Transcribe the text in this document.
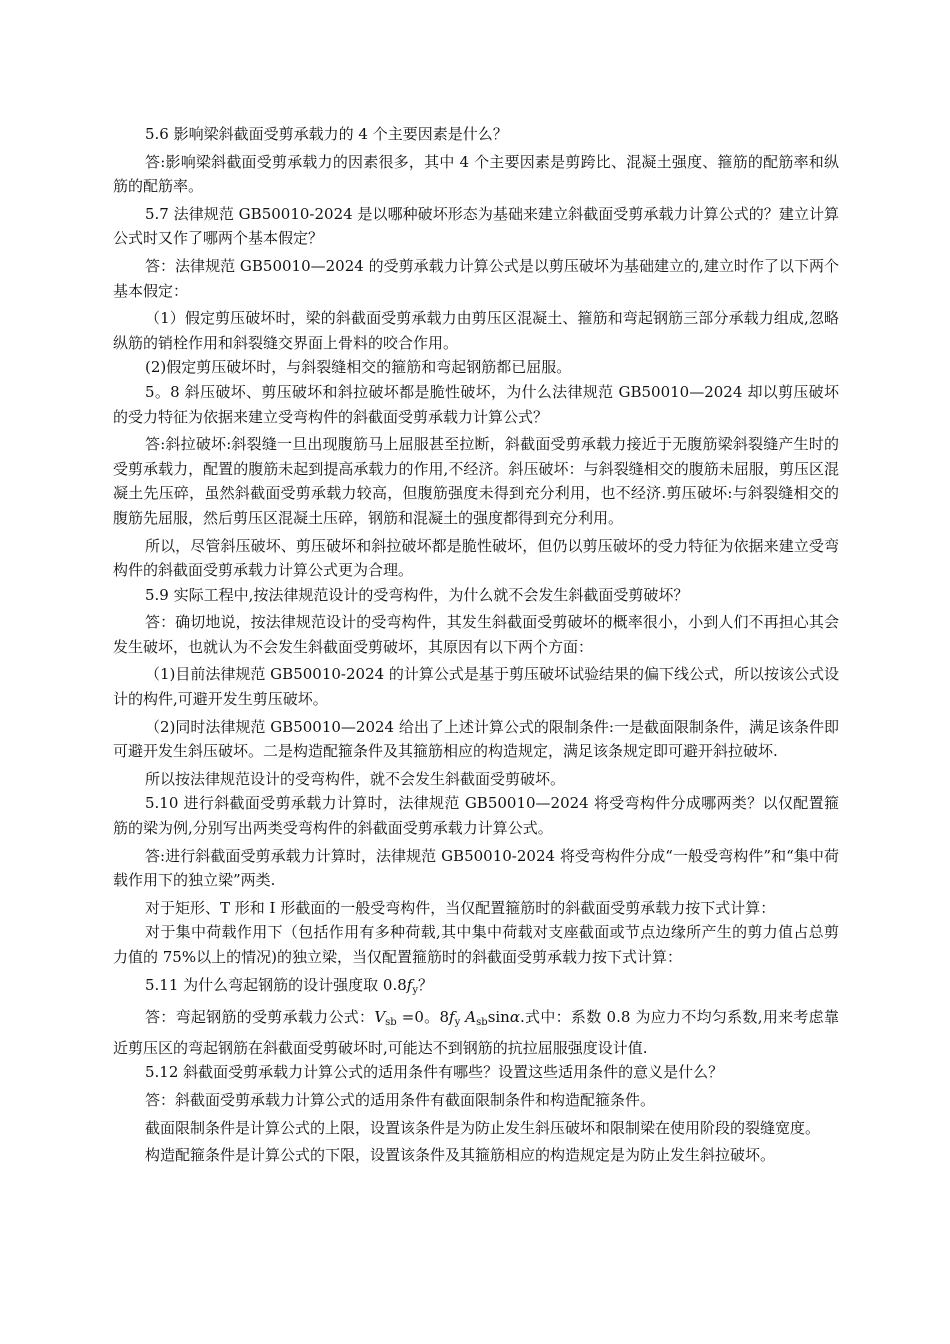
5.6 影响梁斜截面受剪承载力的 4 个主要因素是什么？

答:影响梁斜截面受剪承载力的因素很多，其中 4 个主要因素是剪跨比、混凝土强度、箍筋的配筋率和纵筋的配筋率。

5.7 法律规范 GB50010-2024 是以哪种破坏形态为基础来建立斜截面受剪承载力计算公式的？建立计算公式时又作了哪两个基本假定？

答：法律规范 GB50010—2024 的受剪承载力计算公式是以剪压破坏为基础建立的,建立时作了以下两个基本假定：

（1）假定剪压破坏时，梁的斜截面受剪承载力由剪压区混凝土、箍筋和弯起钢筋三部分承载力组成,忽略纵筋的销栓作用和斜裂缝交界面上骨料的咬合作用。

(2)假定剪压破坏时，与斜裂缝相交的箍筋和弯起钢筋都已屈服。

5。8 斜压破坏、剪压破坏和斜拉破坏都是脆性破坏，为什么法律规范 GB50010—2024 却以剪压破坏的受力特征为依据来建立受弯构件的斜截面受剪承载力计算公式？

答:斜拉破坏:斜裂缝一旦出现腹筋马上屈服甚至拉断，斜截面受剪承载力接近于无腹筋梁斜裂缝产生时的受剪承载力，配置的腹筋未起到提高承载力的作用,不经济。斜压破坏：与斜裂缝相交的腹筋未屈服，剪压区混凝土先压碎，虽然斜截面受剪承载力较高，但腹筋强度未得到充分利用，也不经济.剪压破坏:与斜裂缝相交的腹筋先屈服，然后剪压区混凝土压碎，钢筋和混凝土的强度都得到充分利用。

所以，尽管斜压破坏、剪压破坏和斜拉破坏都是脆性破坏，但仍以剪压破坏的受力特征为依据来建立受弯构件的斜截面受剪承载力计算公式更为合理。

5.9 实际工程中,按法律规范设计的受弯构件，为什么就不会发生斜截面受剪破坏？

答：确切地说，按法律规范设计的受弯构件，其发生斜截面受剪破坏的概率很小，小到人们不再担心其会发生破坏，也就认为不会发生斜截面受剪破坏，其原因有以下两个方面：

（1)目前法律规范 GB50010-2024 的计算公式是基于剪压破坏试验结果的偏下线公式，所以按该公式设计的构件,可避开发生剪压破坏。

（2)同时法律规范 GB50010—2024 给出了上述计算公式的限制条件:一是截面限制条件，满足该条件即可避开发生斜压破坏。二是构造配箍条件及其箍筋相应的构造规定，满足该条规定即可避开斜拉破坏.

所以按法律规范设计的受弯构件，就不会发生斜截面受剪破坏。

5.10 进行斜截面受剪承载力计算时，法律规范 GB50010—2024 将受弯构件分成哪两类？以仅配置箍筋的梁为例,分别写出两类受弯构件的斜截面受剪承载力计算公式。

答:进行斜截面受剪承载力计算时，法律规范 GB50010-2024 将受弯构件分成“一般受弯构件”和“集中荷载作用下的独立梁”两类.

对于矩形、T 形和 I 形截面的一般受弯构件，当仅配置箍筋时的斜截面受剪承载力按下式计算：

对于集中荷载作用下（包括作用有多种荷载,其中集中荷载对支座截面或节点边缘所产生的剪力值占总剪力值的 75%以上的情况)的独立梁，当仅配置箍筋时的斜截面受剪承载力按下式计算：

5.11 为什么弯起钢筋的设计强度取 $0.8f_y$？

答：弯起钢筋的受剪承载力公式：$V_{sb} =0$。$8f_y$ $A_{sb}\sin\alpha$.式中：系数 0.8 为应力不均匀系数,用来考虑靠近剪压区的弯起钢筋在斜截面受剪破坏时,可能达不到钢筋的抗拉屈服强度设计值.

5.12 斜截面受剪承载力计算公式的适用条件有哪些？设置这些适用条件的意义是什么？

答：斜截面受剪承载力计算公式的适用条件有截面限制条件和构造配箍条件。

截面限制条件是计算公式的上限，设置该条件是为防止发生斜压破坏和限制梁在使用阶段的裂缝宽度。

构造配箍条件是计算公式的下限，设置该条件及其箍筋相应的构造规定是为防止发生斜拉破坏。
